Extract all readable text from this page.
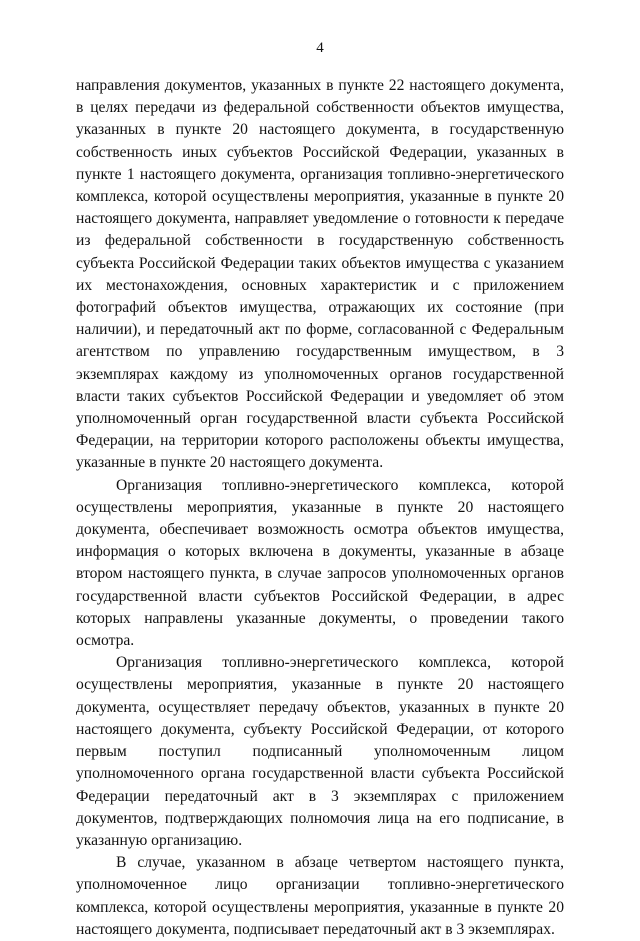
4

направления документов, указанных в пункте 22 настоящего документа, в целях передачи из федеральной собственности объектов имущества, указанных в пункте 20 настоящего документа, в государственную собственность иных субъектов Российской Федерации, указанных в пункте 1 настоящего документа, организация топливно-энергетического комплекса, которой осуществлены мероприятия, указанные в пункте 20 настоящего документа, направляет уведомление о готовности к передаче из федеральной собственности в государственную собственность субъекта Российской Федерации таких объектов имущества с указанием их местонахождения, основных характеристик и с приложением фотографий объектов имущества, отражающих их состояние (при наличии), и передаточный акт по форме, согласованной с Федеральным агентством по управлению государственным имуществом, в 3 экземплярах каждому из уполномоченных органов государственной власти таких субъектов Российской Федерации и уведомляет об этом уполномоченный орган государственной власти субъекта Российской Федерации, на территории которого расположены объекты имущества, указанные в пункте 20 настоящего документа.

Организация топливно-энергетического комплекса, которой осуществлены мероприятия, указанные в пункте 20 настоящего документа, обеспечивает возможность осмотра объектов имущества, информация о которых включена в документы, указанные в абзаце втором настоящего пункта, в случае запросов уполномоченных органов государственной власти субъектов Российской Федерации, в адрес которых направлены указанные документы, о проведении такого осмотра.

Организация топливно-энергетического комплекса, которой осуществлены мероприятия, указанные в пункте 20 настоящего документа, осуществляет передачу объектов, указанных в пункте 20 настоящего документа, субъекту Российской Федерации, от которого первым поступил подписанный уполномоченным лицом уполномоченного органа государственной власти субъекта Российской Федерации передаточный акт в 3 экземплярах с приложением документов, подтверждающих полномочия лица на его подписание, в указанную организацию.

В случае, указанном в абзаце четвертом настоящего пункта, уполномоченное лицо организации топливно-энергетического комплекса, которой осуществлены мероприятия, указанные в пункте 20 настоящего документа, подписывает передаточный акт в 3 экземплярах.
